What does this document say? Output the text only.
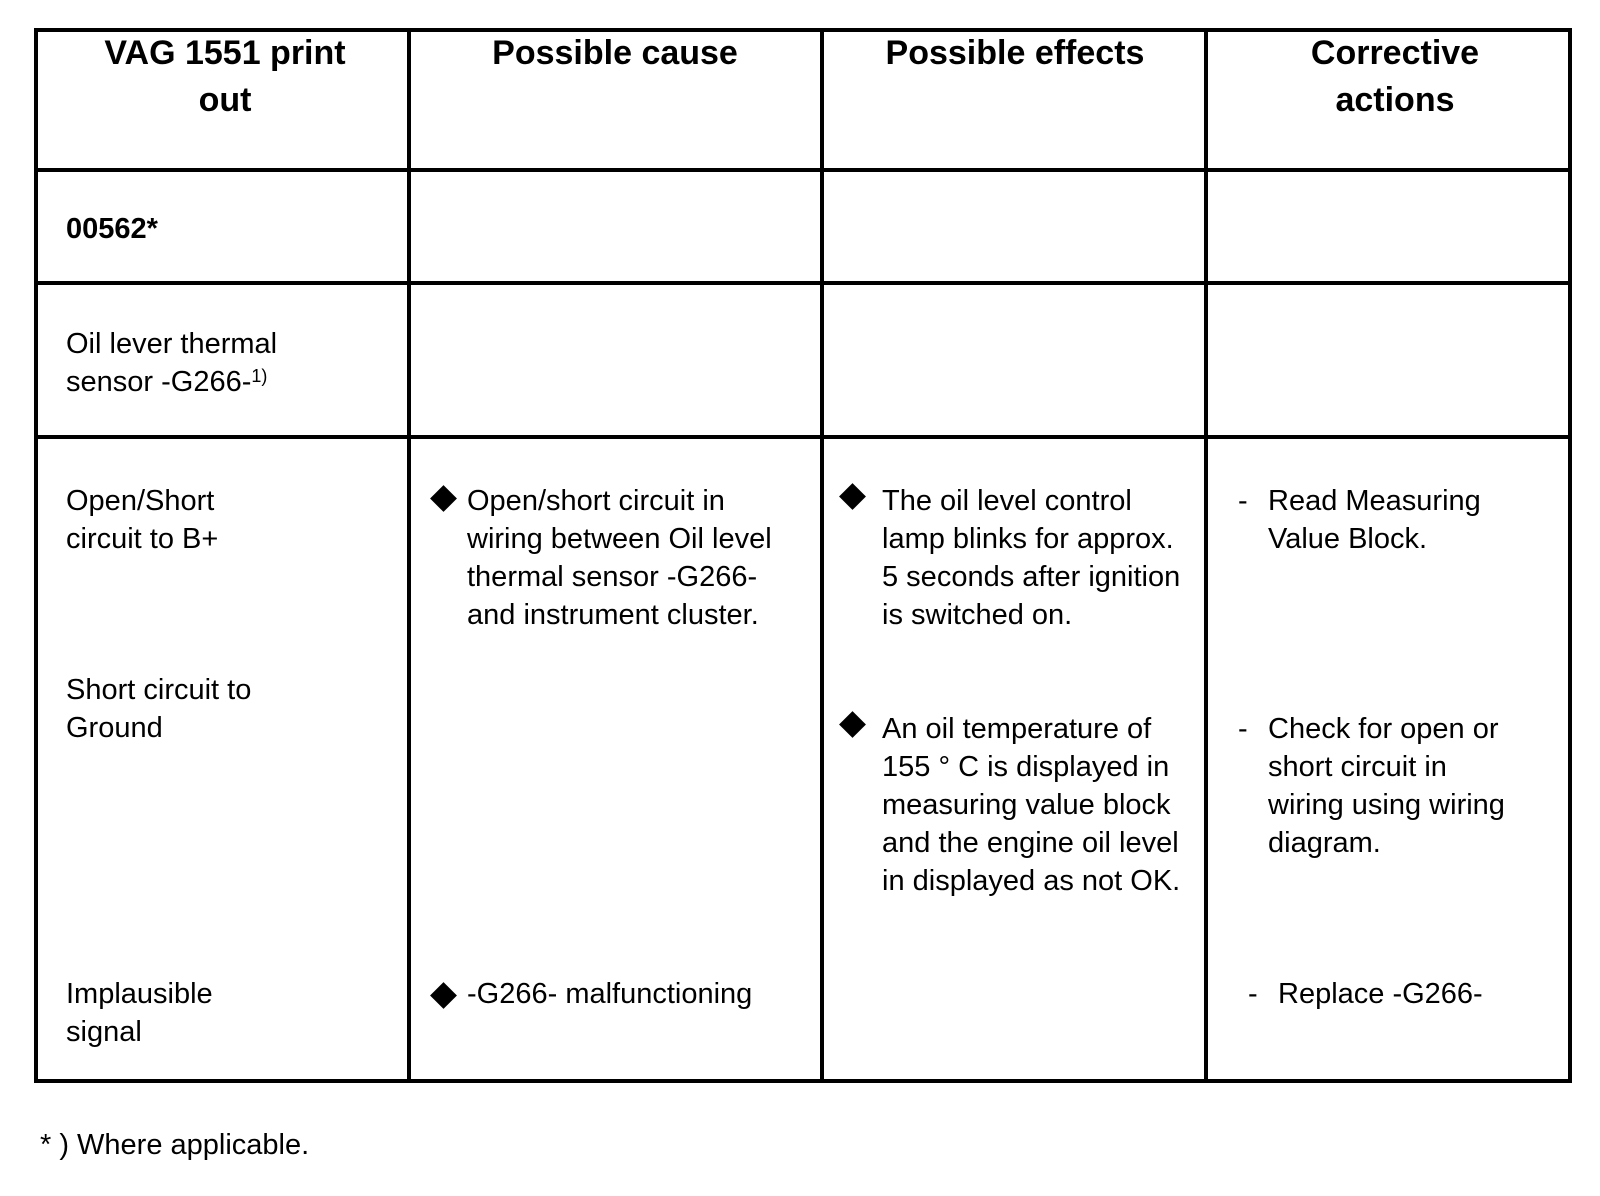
VAG 1551 print out
Possible cause	Possible effects	Corrective actions
00562*
Oil lever thermal sensor -G266-$^{1)}$
Open/Short circuit to B+
Short circuit to Ground
Implausible signal
Open/short circuit in wiring between Oil level thermal sensor -G266- and instrument cluster.
-G266- malfunctioning
The oil level control lamp blinks for approx. 5 seconds after ignition is switched on.
An oil temperature of 155 ° C is displayed in measuring value block and the engine oil level in displayed as not OK.
- Read Measuring Value Block.
- Check for open or short circuit in wiring using wiring diagram.
- Replace -G266-
* ) Where applicable.
